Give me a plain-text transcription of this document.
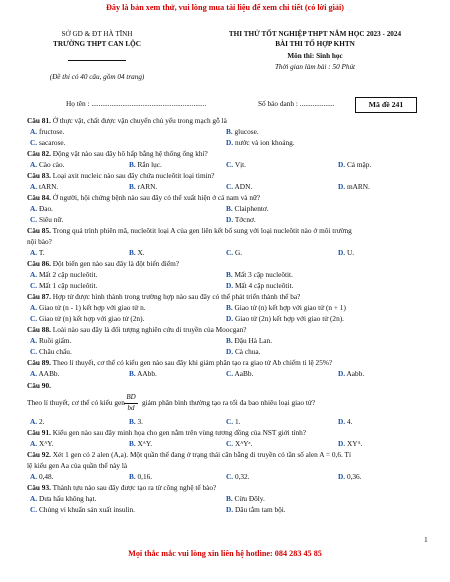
Đây là bản xem thử, vui lòng mua tài liệu để xem chi tiết (có lời giải)
SỞ GD & ĐT HÀ TĨNH
TRƯỜNG THPT CAN LỘC
(Đề thi có 40 câu, gồm 04 trang)
THI THỬ TỐT NGHIỆP THPT NĂM HỌC 2023 - 2024
BÀI THI TỔ HỢP KHTN
Môn thi: Sinh học
Thời gian làm bài : 50 Phút
Họ tên : ...............................................................	Số báo danh : ...................	Mã đề 241
Câu 81. Ở thực vật, chất được vận chuyển chủ yếu trong mạch gỗ là
A. fructose.	B. glucose.
C. sacarose.	D. nước và ion khoáng.
Câu 82. Động vật nào sau đây hô hấp bằng hệ thống ống khí?
A. Cào cào.	B. Rắn lục.	C. Vịt.	D. Cá mập.
Câu 83. Loại axit nucleic nào sau đây chứa nucleôtit loại timin?
A. tARN.	B. rARN.	C. ADN.	D. mARN.
Câu 84. Ở người, hội chứng bệnh nào sau đây có thể xuất hiện ở cả nam và nữ?
A. Đao.	B. Claiphentơ.
C. Siêu nữ.	D. Tớcnơ.
Câu 85. Trong quá trình phiên mã, nucleôtit loại A của gen liên kết bổ sung với loại nucleôtit nào ở môi trường
nội bào?
A. T.	B. X.	C. G.	D. U.
Câu 86. Đột biến gen nào sau đây là đột biến điểm?
A. Mất 2 cặp nucleôtit.	B. Mất 3 cặp nucleôtit.
C. Mất 1 cặp nucleôtit.	D. Mất 4 cặp nucleôtit.
Câu 87. Hợp tử được hình thành trong trường hợp nào sau đây có thể phát triển thành thể ba?
A. Giao tử (n - 1) kết hợp với giao tử n.	B. Giao tử (n) kết hợp với giao tử (n + 1)
C. Giao tử (n) kết hợp với giao tử (2n).	D. Giao tử (2n) kết hợp với giao tử (2n).
Câu 88. Loài nào sau đây là đối tượng nghiên cứu di truyền của Moocgan?
A. Ruồi giấm.	B. Đậu Hà Lan.
C. Châu chấu.	D. Cà chua.
Câu 89. Theo lí thuyết, cơ thể có kiểu gen nào sau đây khi giảm phân tạo ra giao tử Ab chiếm tỉ lệ 25%?
A. AABb.	B. AAbb.	C. AaBb.	D. Aabb.
Câu 90.
BD
bd
Theo lí thuyết, cơ thể có kiểu gen giảm phân bình thường tạo ra tối đa bao nhiêu loại giao tử?
A. 2.	B. 3.	C. 1.	D. 4.
Câu 91. Kiểu gen nào sau đây minh họa cho gen nằm trên vùng tương đồng của NST giới tính?
A. XᴬY.	B. XᴬY.	C. XᴬYᵃ.	D. XYᴬ.
Câu 92. Xét 1 gen có 2 alen (A,a). Một quần thể đang ở trạng thái cân bằng di truyền có tần số alen A = 0,6. Tỉ
lệ kiểu gen Aa của quần thể này là
A. 0,48.	B. 0,16.	C. 0,32.	D. 0,36.
Câu 93. Thành tựu nào sau đây được tạo ra từ công nghệ tế bào?
A. Dưa hấu không hạt.	B. Cừu Đôly.
C. Chủng vi khuẩn sản xuất insulin.	D. Dâu tằm tam bội.
1
Mọi thắc mắc vui lòng xin liên hệ hotline: 084 283 45 85
